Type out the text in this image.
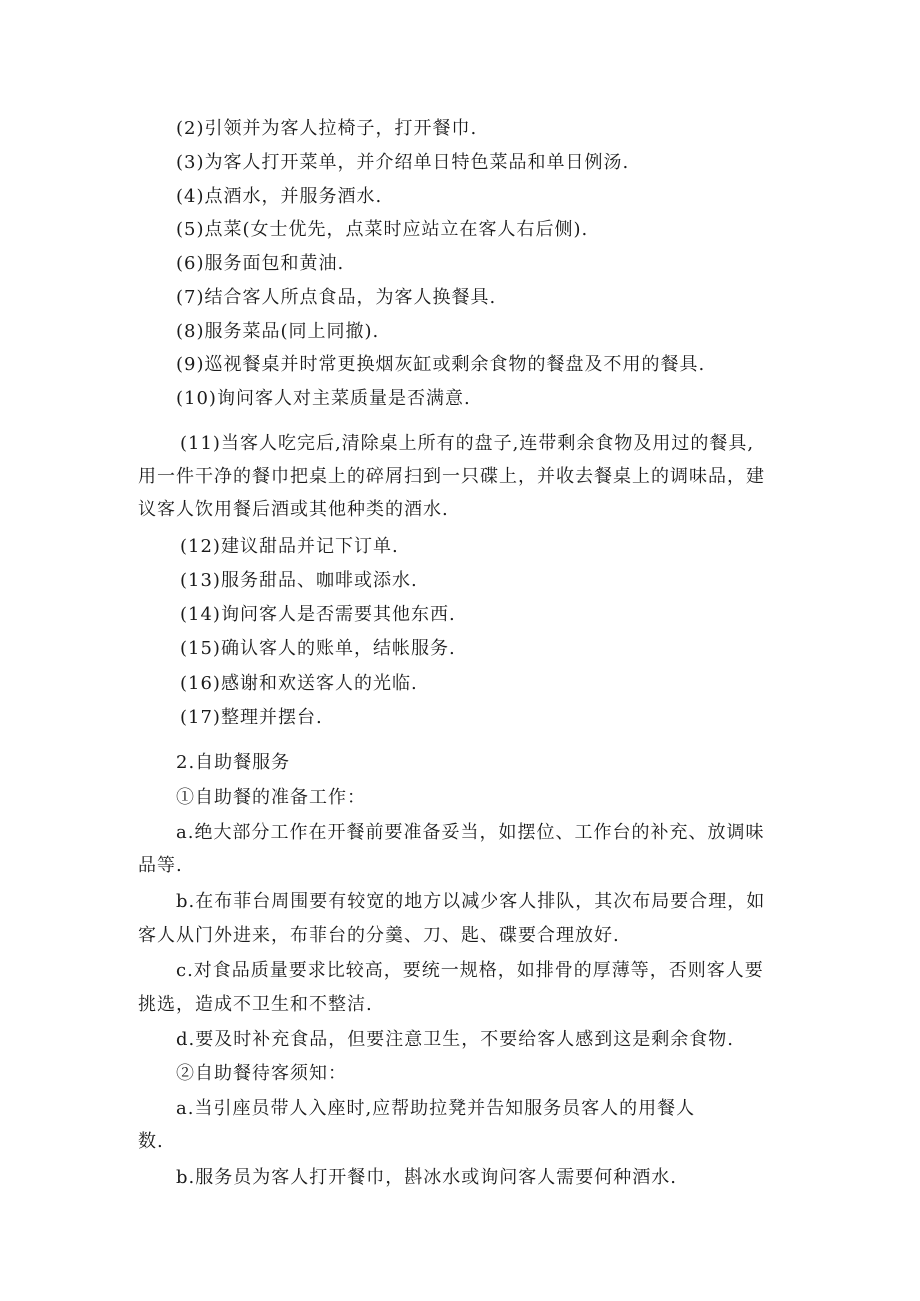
(2)引领并为客人拉椅子，打开餐巾.
(3)为客人打开菜单，并介绍单日特色菜品和单日例汤.
(4)点酒水，并服务酒水.
(5)点菜(女士优先，点菜时应站立在客人右后侧).
(6)服务面包和黄油.
(7)结合客人所点食品，为客人换餐具.
(8)服务菜品(同上同撤).
(9)巡视餐桌并时常更换烟灰缸或剩余食物的餐盘及不用的餐具.
(10)询问客人对主菜质量是否满意.
(11)当客人吃完后,清除桌上所有的盘子,连带剩余食物及用过的餐具,
用一件干净的餐巾把桌上的碎屑扫到一只碟上，并收去餐桌上的调味品，建
议客人饮用餐后酒或其他种类的酒水.
(12)建议甜品并记下订单.
(13)服务甜品、咖啡或添水.
(14)询问客人是否需要其他东西.
(15)确认客人的账单，结帐服务.
(16)感谢和欢送客人的光临.
(17)整理并摆台.
2.自助餐服务
①自助餐的准备工作：
a.绝大部分工作在开餐前要准备妥当，如摆位、工作台的补充、放调味
品等.
b.在布菲台周围要有较宽的地方以减少客人排队，其次布局要合理，如
客人从门外进来，布菲台的分羹、刀、匙、碟要合理放好.
c.对食品质量要求比较高，要统一规格，如排骨的厚薄等，否则客人要
挑选，造成不卫生和不整洁.
d.要及时补充食品，但要注意卫生，不要给客人感到这是剩余食物.
②自助餐待客须知：
a.当引座员带人入座时,应帮助拉凳并告知服务员客人的用餐人
数.
b.服务员为客人打开餐巾，斟冰水或询问客人需要何种酒水.
